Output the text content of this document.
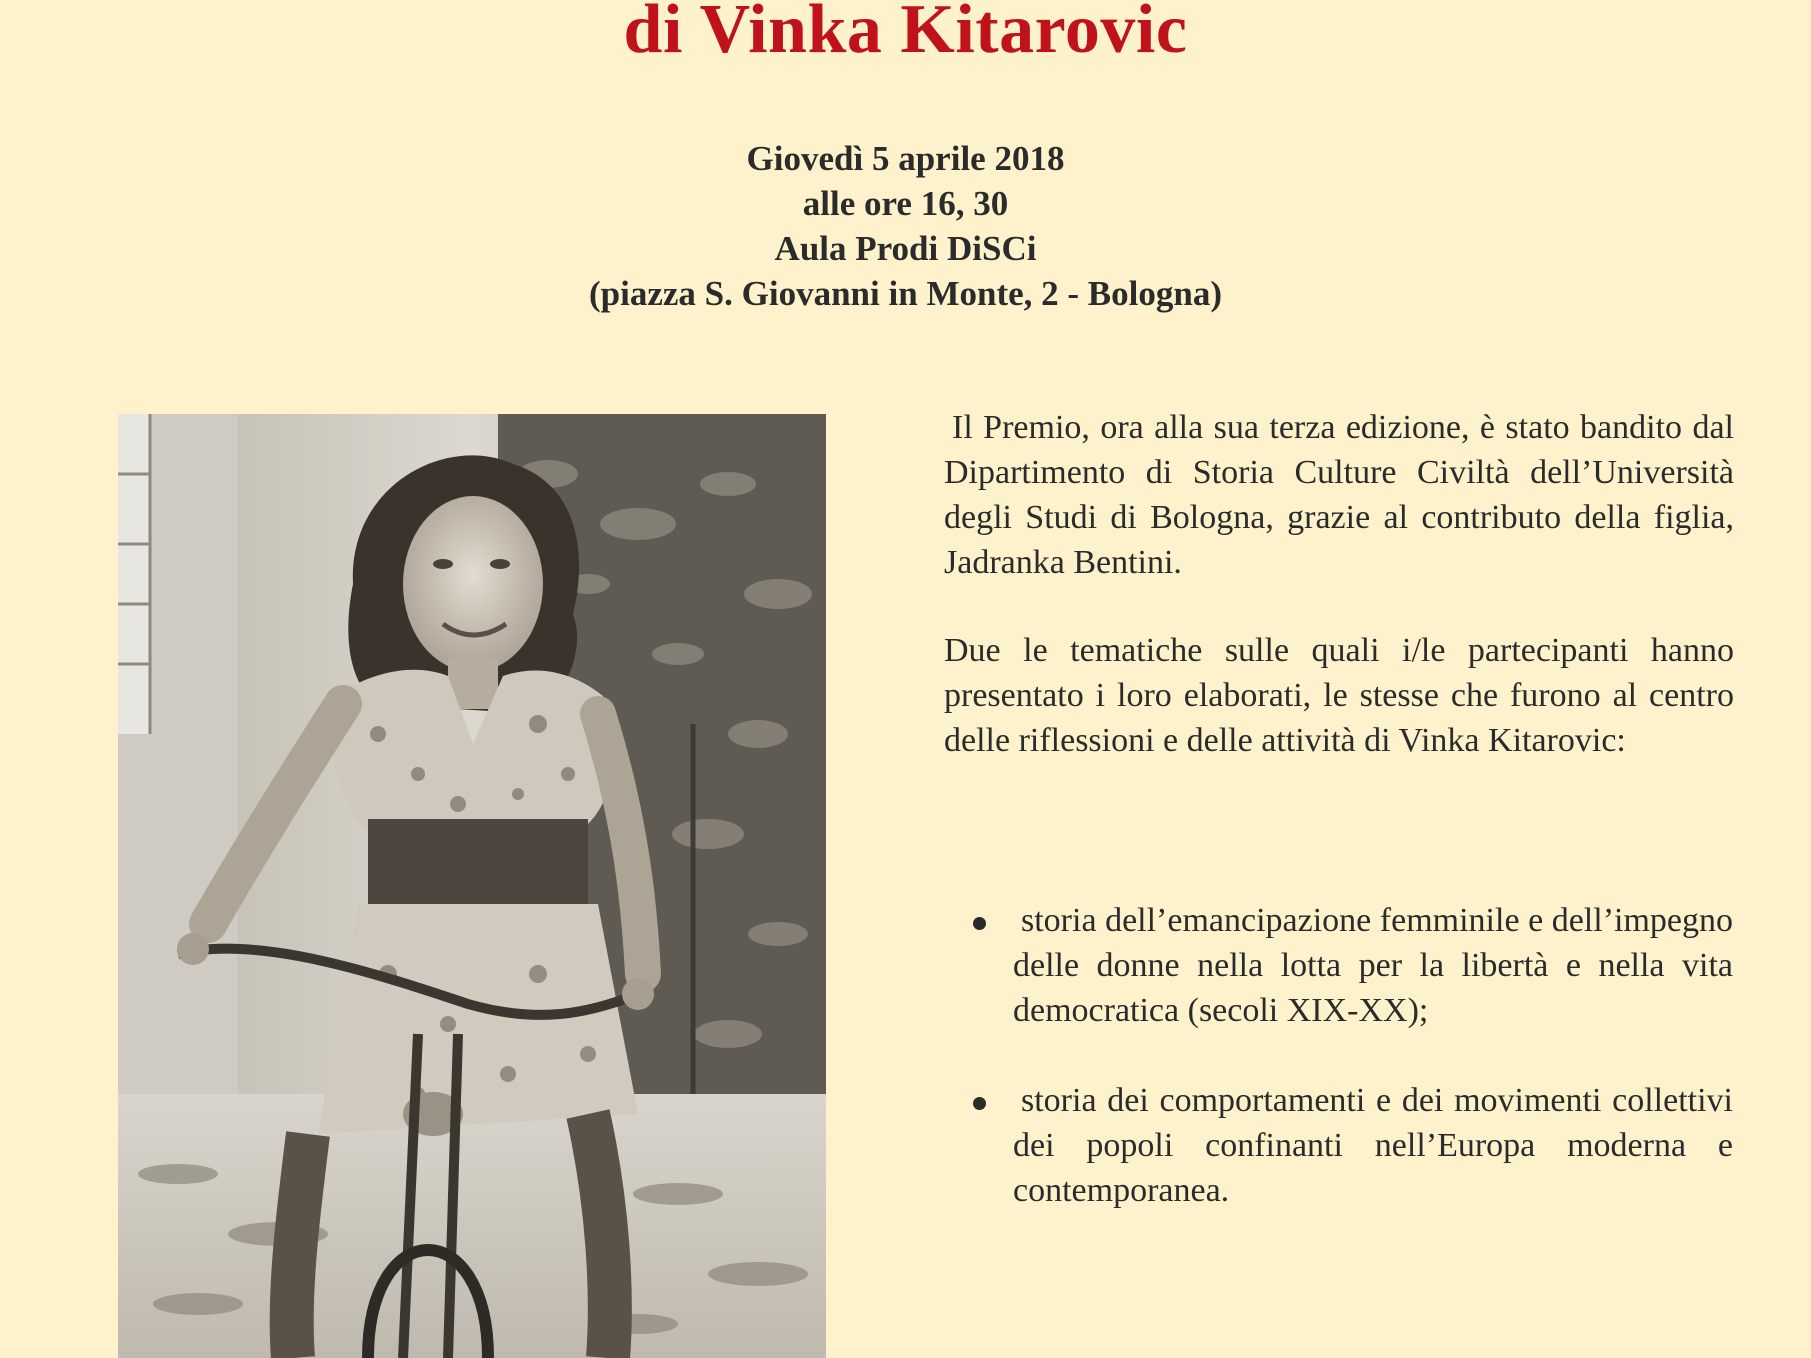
di Vinka Kitarovic
Giovedì 5 aprile 2018
alle ore 16, 30
Aula Prodi DiSCi
(piazza S. Giovanni in Monte, 2 - Bologna)

Il Premio, ora alla sua terza edizione, è stato bandito dal Dipartimento di Storia Culture Civiltà dell’Università degli Studi di Bologna, grazie al contributo della figlia, Jadranka Bentini.

Due le tematiche sulle quali i/le partecipanti hanno presentato i loro elaborati, le stesse che furono al centro delle riflessioni e delle attività di Vinka Kitarovic:

storia dell’emancipazione femminile e dell’impegno delle donne nella lotta per la libertà e nella vita democratica (secoli XIX-XX);
storia dei comportamenti e dei movimenti collettivi dei popoli confinanti nell’Europa moderna e contemporanea.
